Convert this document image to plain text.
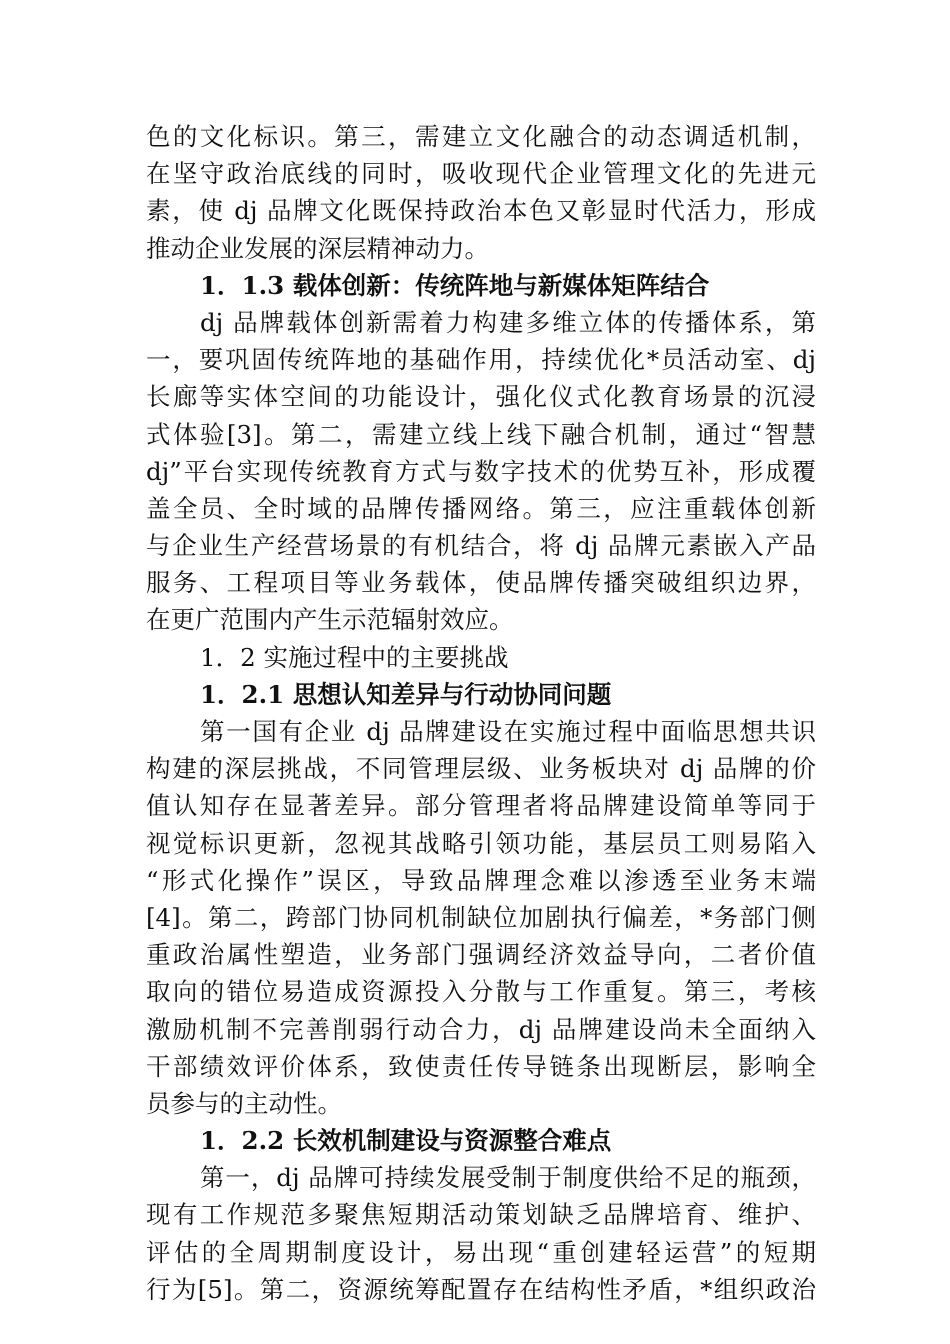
色的文化标识。第三，需建立文化融合的动态调适机制，
在坚守政治底线的同时，吸收现代企业管理文化的先进元
素，使 dj 品牌文化既保持政治本色又彰显时代活力，形成
推动企业发展的深层精神动力。
1．1.3 载体创新：传统阵地与新媒体矩阵结合
dj 品牌载体创新需着力构建多维立体的传播体系，第
一，要巩固传统阵地的基础作用，持续优化*员活动室、dj
长廊等实体空间的功能设计，强化仪式化教育场景的沉浸
式体验[3]。第二，需建立线上线下融合机制，通过“智慧
dj”平台实现传统教育方式与数字技术的优势互补，形成覆
盖全员、全时域的品牌传播网络。第三，应注重载体创新
与企业生产经营场景的有机结合，将 dj 品牌元素嵌入产品
服务、工程项目等业务载体，使品牌传播突破组织边界，
在更广范围内产生示范辐射效应。
1．2 实施过程中的主要挑战
1．2.1 思想认知差异与行动协同问题
第一国有企业 dj 品牌建设在实施过程中面临思想共识
构建的深层挑战，不同管理层级、业务板块对 dj 品牌的价
值认知存在显著差异。部分管理者将品牌建设简单等同于
视觉标识更新，忽视其战略引领功能，基层员工则易陷入
“形式化操作”误区，导致品牌理念难以渗透至业务末端
[4]。第二，跨部门协同机制缺位加剧执行偏差，*务部门侧
重政治属性塑造，业务部门强调经济效益导向，二者价值
取向的错位易造成资源投入分散与工作重复。第三，考核
激励机制不完善削弱行动合力，dj 品牌建设尚未全面纳入
干部绩效评价体系，致使责任传导链条出现断层，影响全
员参与的主动性。
1．2.2 长效机制建设与资源整合难点
第一，dj 品牌可持续发展受制于制度供给不足的瓶颈，
现有工作规范多聚焦短期活动策划缺乏品牌培育、维护、
评估的全周期制度设计，易出现“重创建轻运营”的短期
行为[5]。第二，资源统筹配置存在结构性矛盾，*组织政治
